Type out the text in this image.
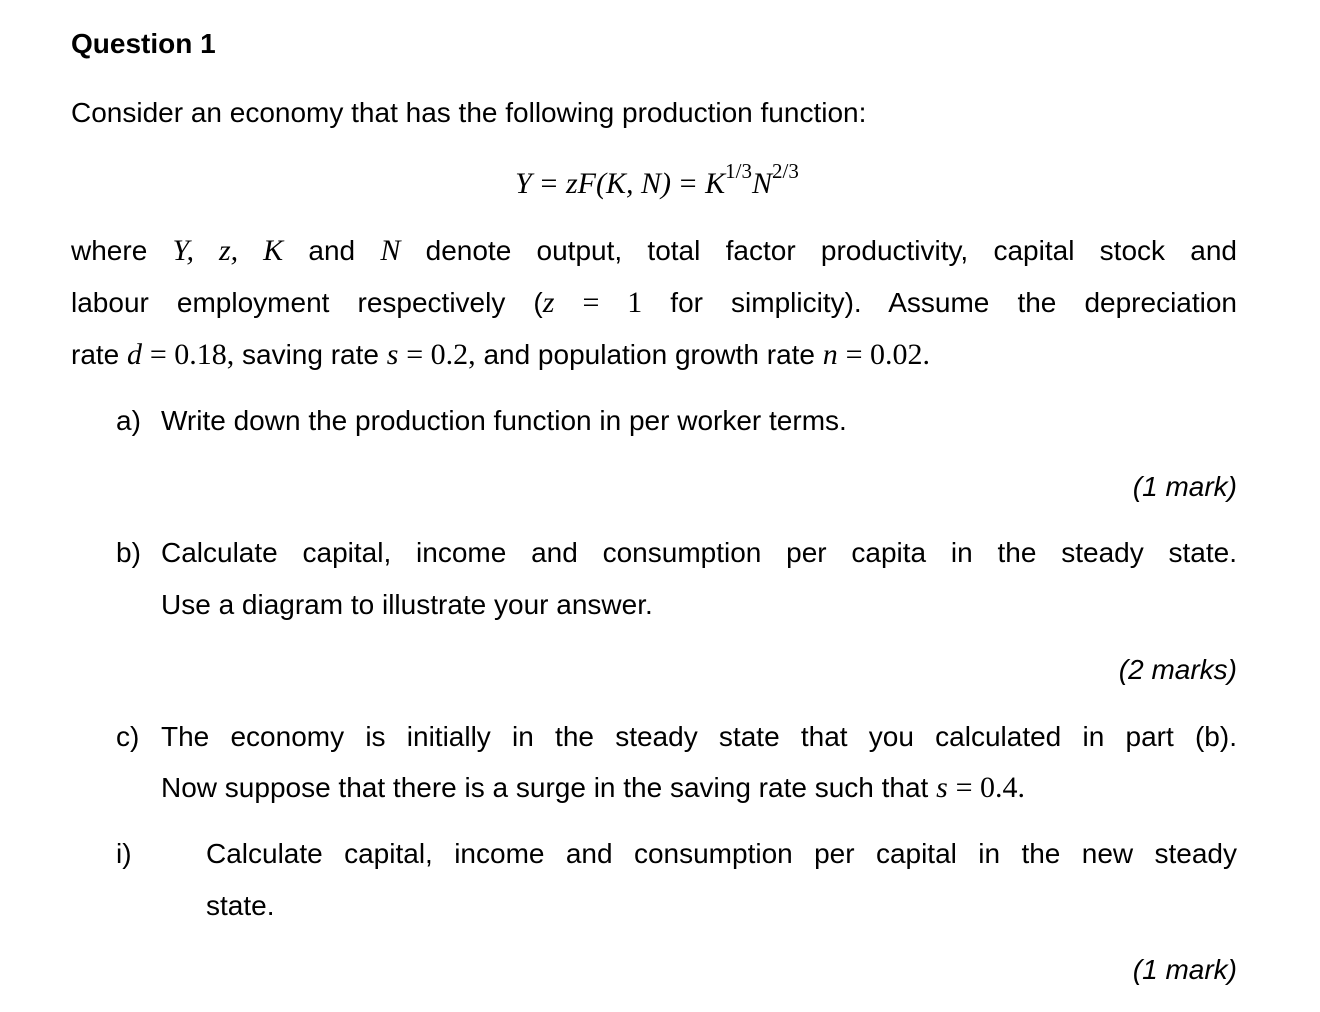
Question 1
Consider an economy that has the following production function:
Y = zF(K, $N) = K^{1/3}N^{2/3}$
where Y, z, K and N denote output, total factor productivity, capital stock and
labour employment respectively (z = 1 for simplicity). Assume the depreciation
rate d = 0.18, saving rate s = 0.2, and population growth rate n = 0.02.
a) Write down the production function in per worker terms.
(1 mark)
b) Calculate capital, income and consumption per capita in the steady state.
Use a diagram to illustrate your answer.
(2 marks)
c) The economy is initially in the steady state that you calculated in part (b).
Now suppose that there is a surge in the saving rate such that s = 0.4.
i)	Calculate capital, income and consumption per capital in the new steady
state.
(1 mark)
